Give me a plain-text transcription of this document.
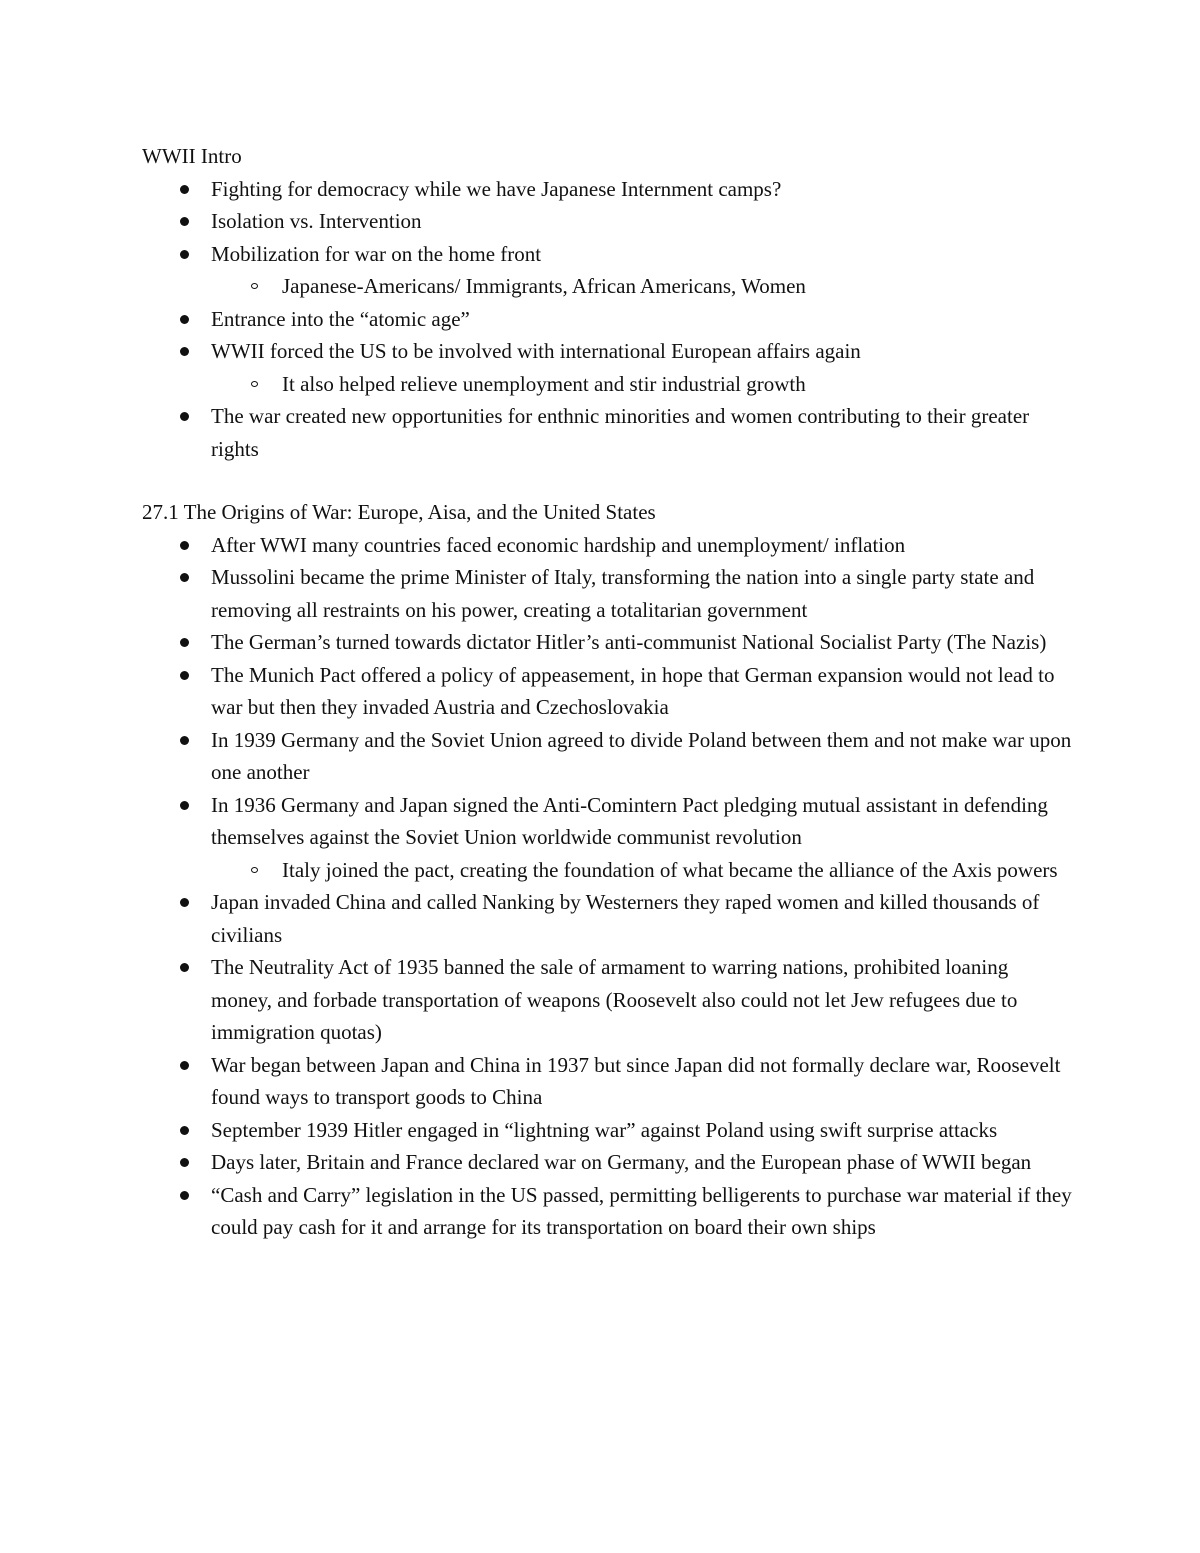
WWII Intro

Fighting for democracy while we have Japanese Internment camps?
Isolation vs. Intervention
Mobilization for war on the home front
Japanese-Americans/ Immigrants, African Americans, Women
Entrance into the “atomic age”
WWII forced the US to be involved with international European affairs again
It also helped relieve unemployment and stir industrial growth
The war created new opportunities for enthnic minorities and women contributing to their greater rights

27.1 The Origins of War: Europe, Aisa, and the United States

After WWI many countries faced economic hardship and unemployment/ inflation
Mussolini became the prime Minister of Italy, transforming the nation into a single party state and removing all restraints on his power, creating a totalitarian government
The German’s turned towards dictator Hitler’s anti-communist National Socialist Party (The Nazis)
The Munich Pact offered a policy of appeasement, in hope that German expansion would not lead to war but then they invaded Austria and Czechoslovakia
In 1939 Germany and the Soviet Union agreed to divide Poland between them and not make war upon one another
In 1936 Germany and Japan signed the Anti-Comintern Pact pledging mutual assistant in defending themselves against the Soviet Union worldwide communist revolution
Italy joined the pact, creating the foundation of what became the alliance of the Axis powers
Japan invaded China and called Nanking by Westerners they raped women and killed thousands of civilians
The Neutrality Act of 1935 banned the sale of armament to warring nations, prohibited loaning money, and forbade transportation of weapons (Roosevelt also could not let Jew refugees due to immigration quotas)
War began between Japan and China in 1937 but since Japan did not formally declare war, Roosevelt found ways to transport goods to China
September 1939 Hitler engaged in “lightning war” against Poland using swift surprise attacks
Days later, Britain and France declared war on Germany, and the European phase of WWII began
“Cash and Carry” legislation in the US passed, permitting belligerents to purchase war material if they could pay cash for it and arrange for its transportation on board their own ships
